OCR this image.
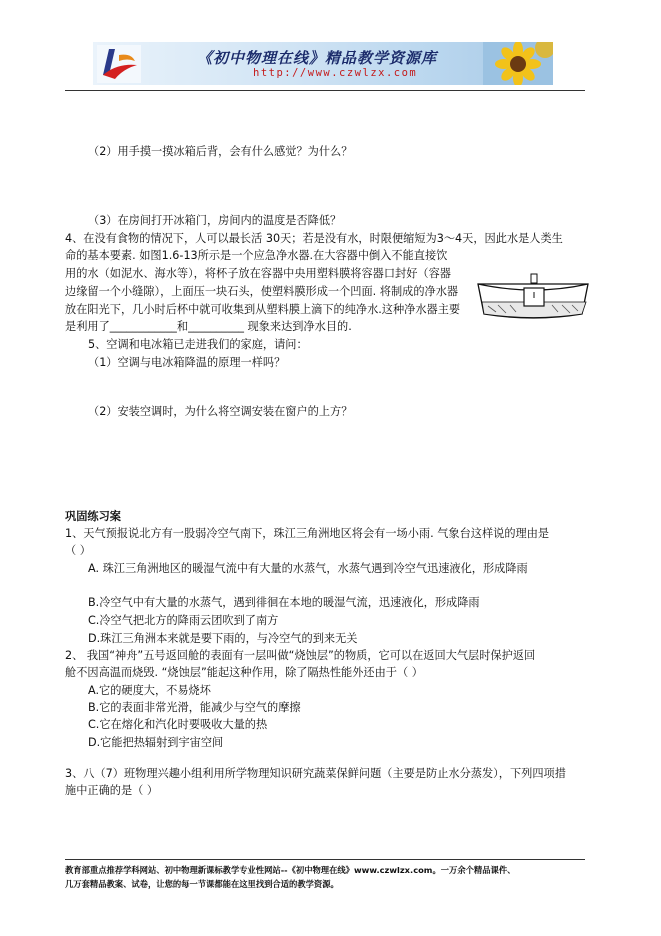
《初中物理在线》精品教学资源库
http://www.czwlzx.com
（2）用手摸一摸冰箱后背，会有什么感觉？为什么？
（3）在房间打开冰箱门，房间内的温度是否降低？
4、在没有食物的情况下，人可以最长活 30天；若是没有水，时限便缩短为3～4天，因此水是人类生
命的基本要素. 如图1.6-13所示是一个应急净水器.在大容器中倒入不能直接饮
用的水（如泥水、海水等），将杯子放在容器中央用塑料膜将容器口封好（容器
边缘留一个小缝隙），上面压一块石头，使塑料膜形成一个凹面. 将制成的净水器
放在阳光下，几小时后杯中就可收集到从塑料膜上滴下的纯净水.这种净水器主要
是利用了____________和__________ 现象来达到净水目的.
5、空调和电冰箱已走进我们的家庭，请问：
（1）空调与电冰箱降温的原理一样吗？
（2）安装空调时，为什么将空调安装在窗户的上方？
巩固练习案
1、天气预报说北方有一股弱冷空气南下，珠江三角洲地区将会有一场小雨. 气象台这样说的理由是
（ ）
A. 珠江三角洲地区的暖湿气流中有大量的水蒸气，水蒸气遇到冷空气迅速液化，形成降雨
B.冷空气中有大量的水蒸气，遇到徘徊在本地的暖湿气流，迅速液化，形成降雨
C.冷空气把北方的降雨云团吹到了南方
D.珠江三角洲本来就是要下雨的，与冷空气的到来无关
2、 我国“神舟”五号返回舱的表面有一层叫做“烧蚀层”的物质，它可以在返回大气层时保护返回
舱不因高温而烧毁. “烧蚀层”能起这种作用，除了隔热性能外还由于（ ）
A.它的硬度大，不易烧坏
B.它的表面非常光滑，能减少与空气的摩擦
C.它在熔化和汽化时要吸收大量的热
D.它能把热辐射到宇宙空间
3、八（7）班物理兴趣小组利用所学物理知识研究蔬菜保鲜问题（主要是防止水分蒸发），下列四项措
施中正确的是（ ）
教育部重点推荐学科网站、初中物理新课标教学专业性网站--《初中物理在线》www.czwlzx.com。一万余个精品课件、
几万套精品教案、试卷，让您的每一节课都能在这里找到合适的教学资源。
